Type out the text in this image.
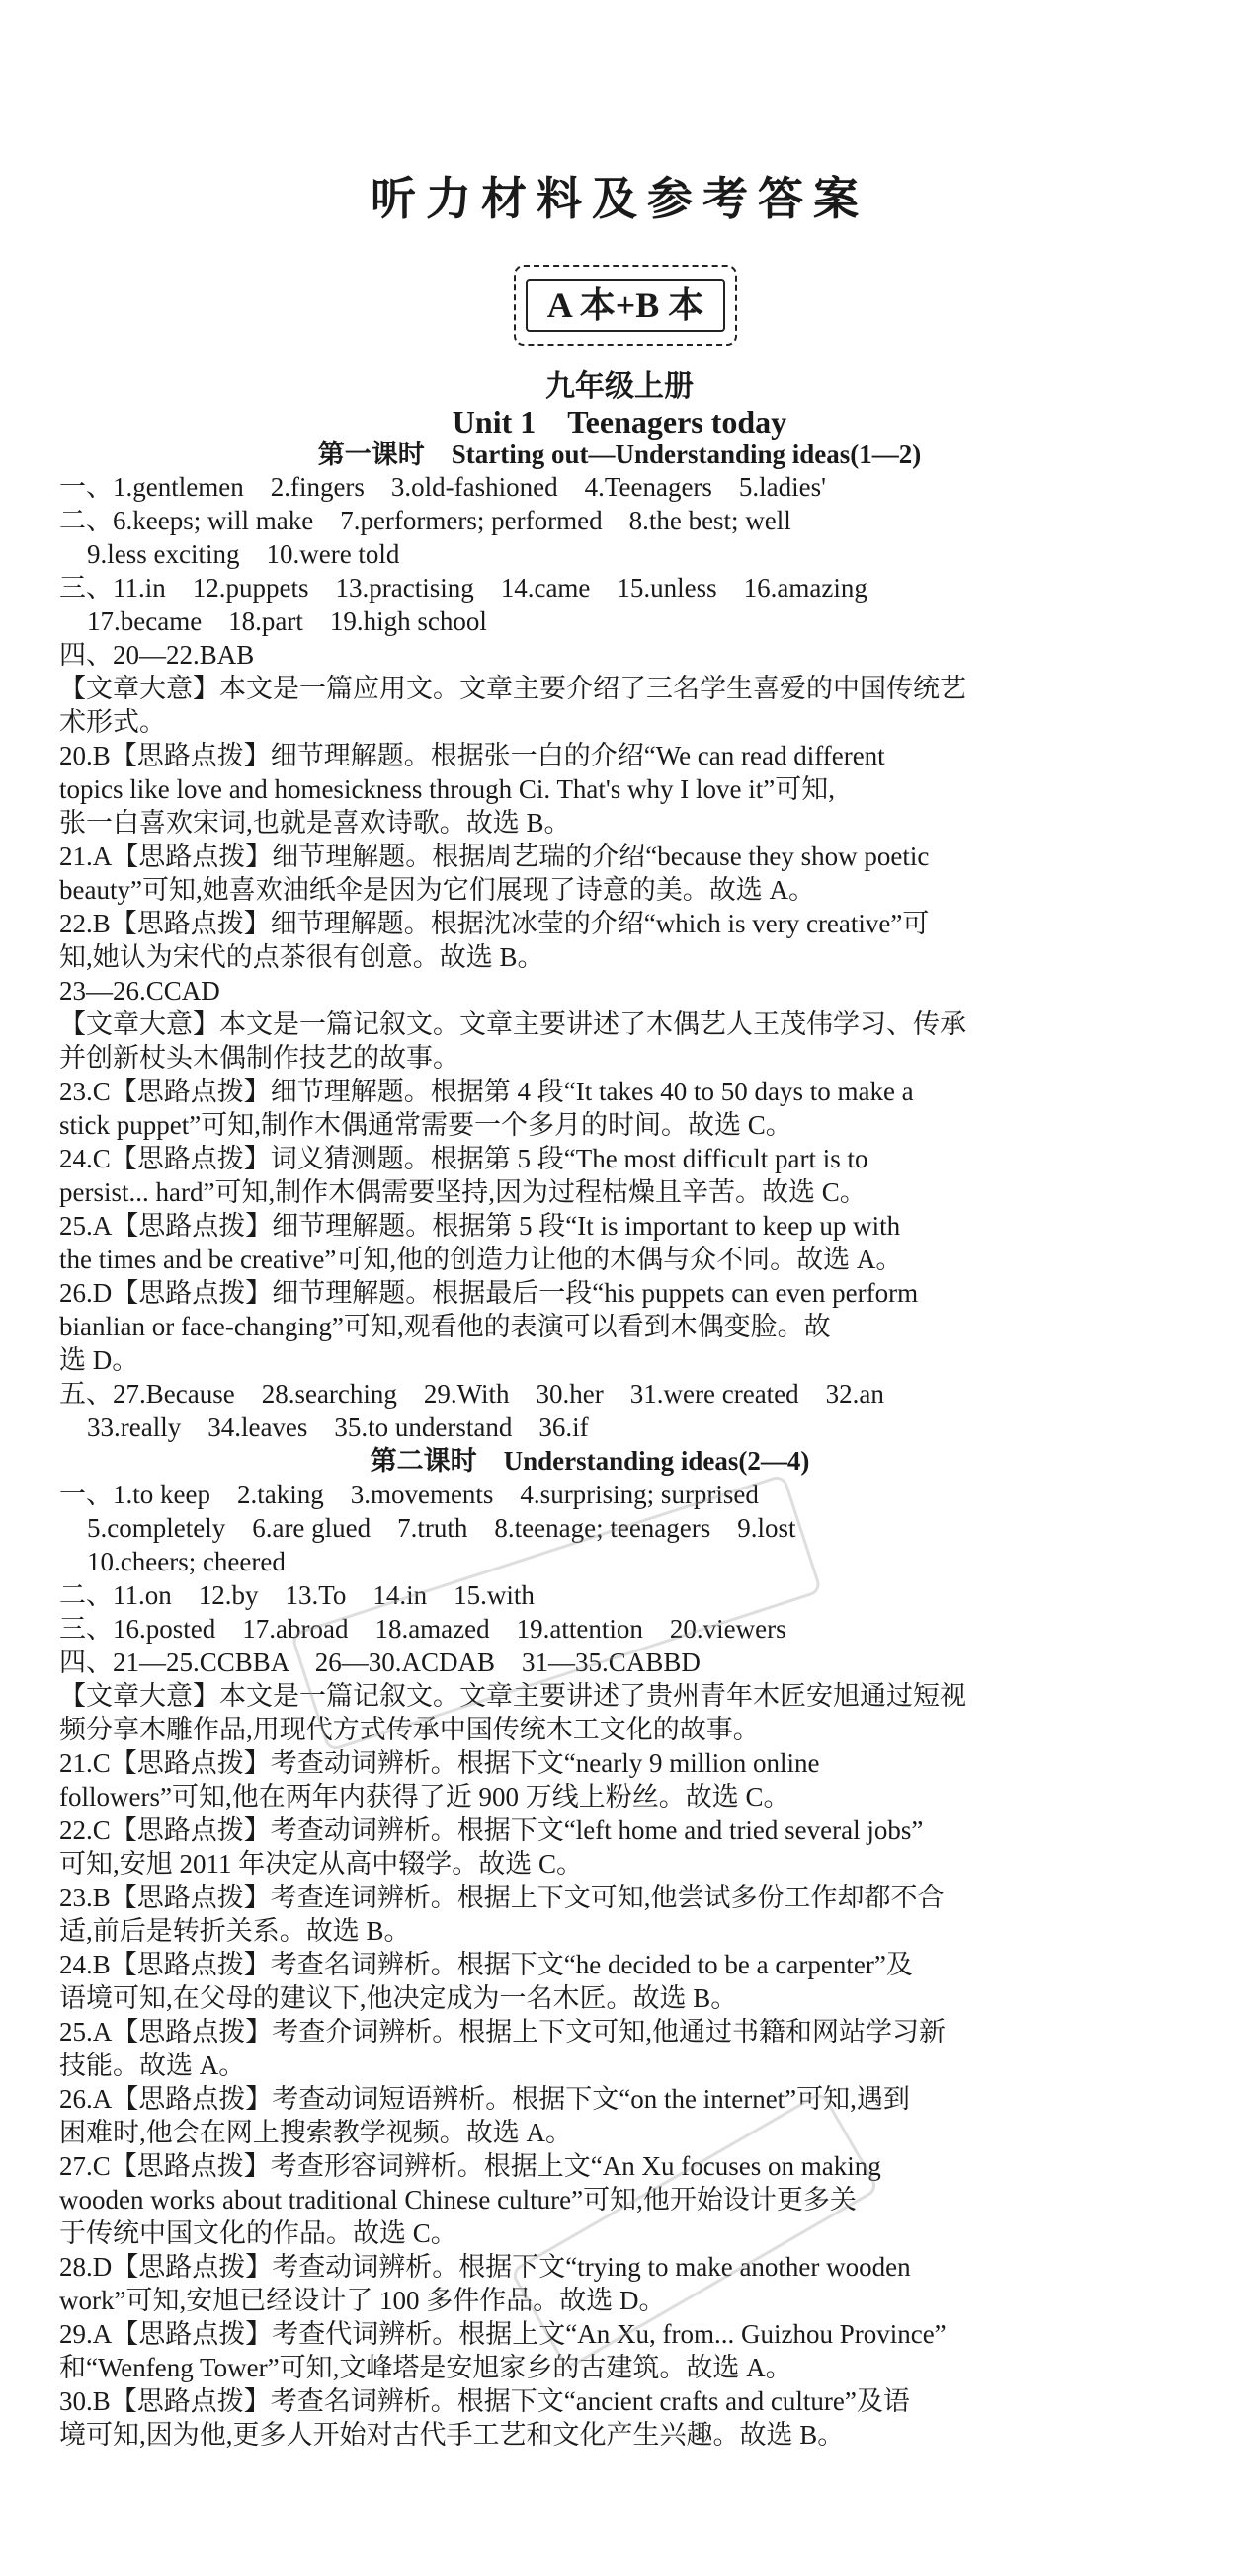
听力材料及参考答案
A 本+B 本
九年级上册
Unit 1　Teenagers today
第一课时　Starting out—Understanding ideas(1—2)
一、1.gentlemen　2.fingers　3.old-fashioned　4.Teenagers　5.ladies'
二、6.keeps; will make　7.performers; performed　8.the best; well
9.less exciting　10.were told
三、11.in　12.puppets　13.practising　14.came　15.unless　16.amazing
17.became　18.part　19.high school
四、20—22.BAB
【文章大意】本文是一篇应用文。文章主要介绍了三名学生喜爱的中国传统艺
术形式。
20.B【思路点拨】细节理解题。根据张一白的介绍“We can read different
topics like love and homesickness through Ci. That's why I love it”可知,
张一白喜欢宋词,也就是喜欢诗歌。故选 B。
21.A【思路点拨】细节理解题。根据周艺瑞的介绍“because they show poetic
beauty”可知,她喜欢油纸伞是因为它们展现了诗意的美。故选 A。
22.B【思路点拨】细节理解题。根据沈冰莹的介绍“which is very creative”可
知,她认为宋代的点茶很有创意。故选 B。
23—26.CCAD
【文章大意】本文是一篇记叙文。文章主要讲述了木偶艺人王茂伟学习、传承
并创新杖头木偶制作技艺的故事。
23.C【思路点拨】细节理解题。根据第 4 段“It takes 40 to 50 days to make a
stick puppet”可知,制作木偶通常需要一个多月的时间。故选 C。
24.C【思路点拨】词义猜测题。根据第 5 段“The most difficult part is to
persist... hard”可知,制作木偶需要坚持,因为过程枯燥且辛苦。故选 C。
25.A【思路点拨】细节理解题。根据第 5 段“It is important to keep up with
the times and be creative”可知,他的创造力让他的木偶与众不同。故选 A。
26.D【思路点拨】细节理解题。根据最后一段“his puppets can even perform
bianlian or face-changing”可知,观看他的表演可以看到木偶变脸。故
选 D。
五、27.Because　28.searching　29.With　30.her　31.were created　32.an
33.really　34.leaves　35.to understand　36.if
第二课时　Understanding ideas(2—4)
一、1.to keep　2.taking　3.movements　4.surprising; surprised
5.completely　6.are glued　7.truth　8.teenage; teenagers　9.lost
10.cheers; cheered
二、11.on　12.by　13.To　14.in　15.with
三、16.posted　17.abroad　18.amazed　19.attention　20.viewers
四、21—25.CCBBA　26—30.ACDAB　31—35.CABBD
【文章大意】本文是一篇记叙文。文章主要讲述了贵州青年木匠安旭通过短视
频分享木雕作品,用现代方式传承中国传统木工文化的故事。
21.C【思路点拨】考查动词辨析。根据下文“nearly 9 million online
followers”可知,他在两年内获得了近 900 万线上粉丝。故选 C。
22.C【思路点拨】考查动词辨析。根据下文“left home and tried several jobs”
可知,安旭 2011 年决定从高中辍学。故选 C。
23.B【思路点拨】考查连词辨析。根据上下文可知,他尝试多份工作却都不合
适,前后是转折关系。故选 B。
24.B【思路点拨】考查名词辨析。根据下文“he decided to be a carpenter”及
语境可知,在父母的建议下,他决定成为一名木匠。故选 B。
25.A【思路点拨】考查介词辨析。根据上下文可知,他通过书籍和网站学习新
技能。故选 A。
26.A【思路点拨】考查动词短语辨析。根据下文“on the internet”可知,遇到
困难时,他会在网上搜索教学视频。故选 A。
27.C【思路点拨】考查形容词辨析。根据上文“An Xu focuses on making
wooden works about traditional Chinese culture”可知,他开始设计更多关
于传统中国文化的作品。故选 C。
28.D【思路点拨】考查动词辨析。根据下文“trying to make another wooden
work”可知,安旭已经设计了 100 多件作品。故选 D。
29.A【思路点拨】考查代词辨析。根据上文“An Xu, from... Guizhou Province”
和“Wenfeng Tower”可知,文峰塔是安旭家乡的古建筑。故选 A。
30.B【思路点拨】考查名词辨析。根据下文“ancient crafts and culture”及语
境可知,因为他,更多人开始对古代手工艺和文化产生兴趣。故选 B。
